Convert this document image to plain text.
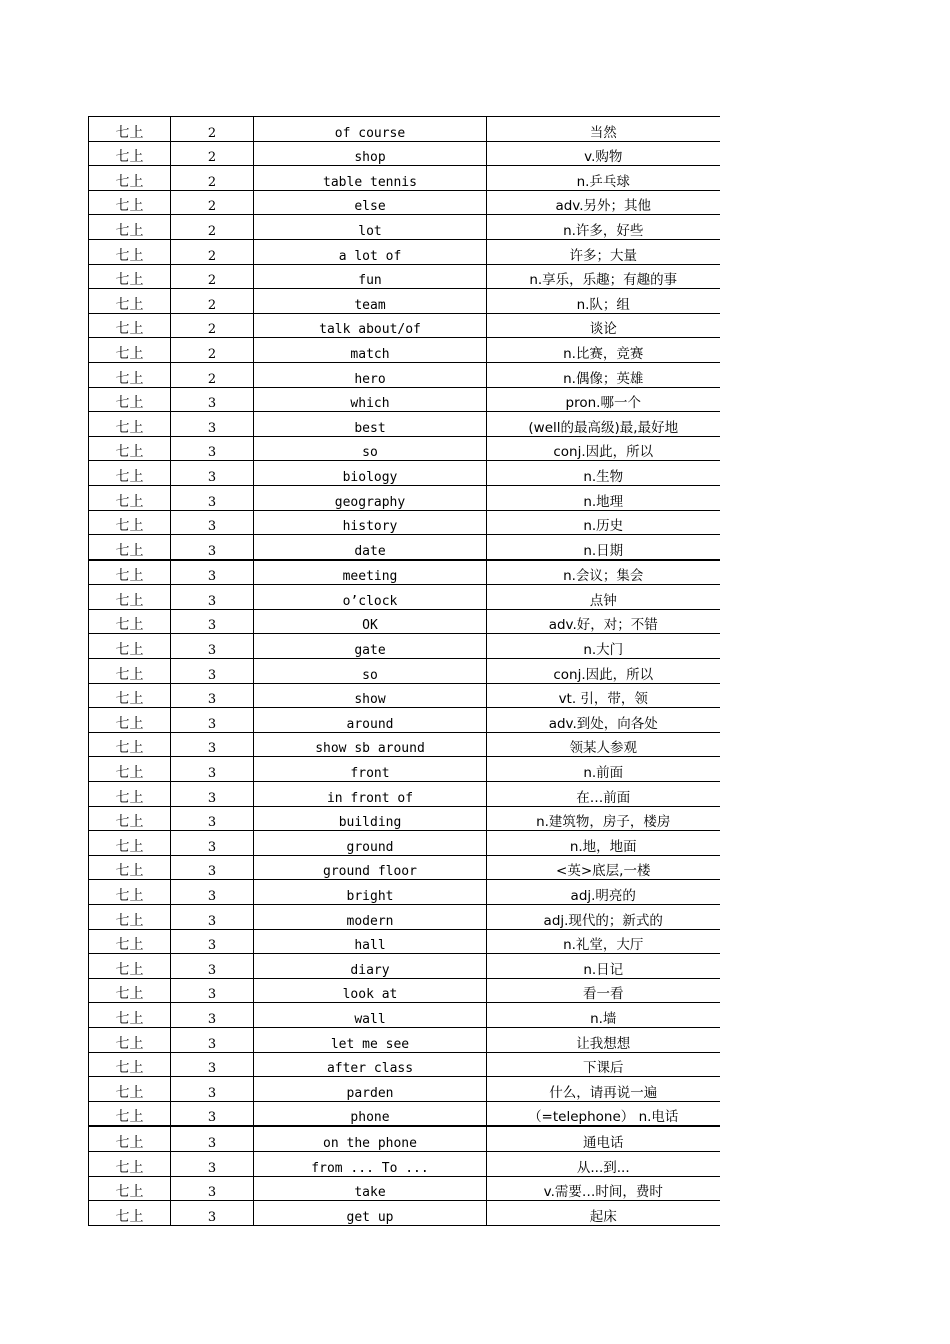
七上	2	of course	当然
七上	2	shop	v.购物
七上	2	table tennis	n.乒乓球
七上	2	else	adv.另外；其他
七上	2	lot	n.许多，好些
七上	2	a lot of	许多；大量
七上	2	fun	n.享乐，乐趣；有趣的事
七上	2	team	n.队；组
七上	2	talk about/of	谈论
七上	2	match	n.比赛，竞赛
七上	2	hero	n.偶像；英雄
七上	3	which	pron.哪一个
七上	3	best	(well的最高级)最,最好地
七上	3	so	conj.因此，所以
七上	3	biology	n.生物
七上	3	geography	n.地理
七上	3	history	n.历史
七上	3	date	n.日期
七上	3	meeting	n.会议；集会
七上	3	o’clock	点钟
七上	3	OK	adv.好，对；不错
七上	3	gate	n.大门
七上	3	so	conj.因此，所以
七上	3	show	vt. 引，带，领
七上	3	around	adv.到处，向各处
七上	3	show sb around	领某人参观
七上	3	front	n.前面
七上	3	in front of	在…前面
七上	3	building	n.建筑物，房子，楼房
七上	3	ground	n.地，地面
七上	3	ground floor	<英>底层,一楼
七上	3	bright	adj.明亮的
七上	3	modern	adj.现代的；新式的
七上	3	hall	n.礼堂，大厅
七上	3	diary	n.日记
七上	3	look at	看一看
七上	3	wall	n.墙
七上	3	let me see	让我想想
七上	3	after class	下课后
七上	3	parden	什么，请再说一遍
七上	3	phone	（=telephone） n.电话
七上	3	on the phone	通电话
七上	3	from ... To ...	从...到...
七上	3	take	v.需要…时间，费时
七上	3	get up	起床
